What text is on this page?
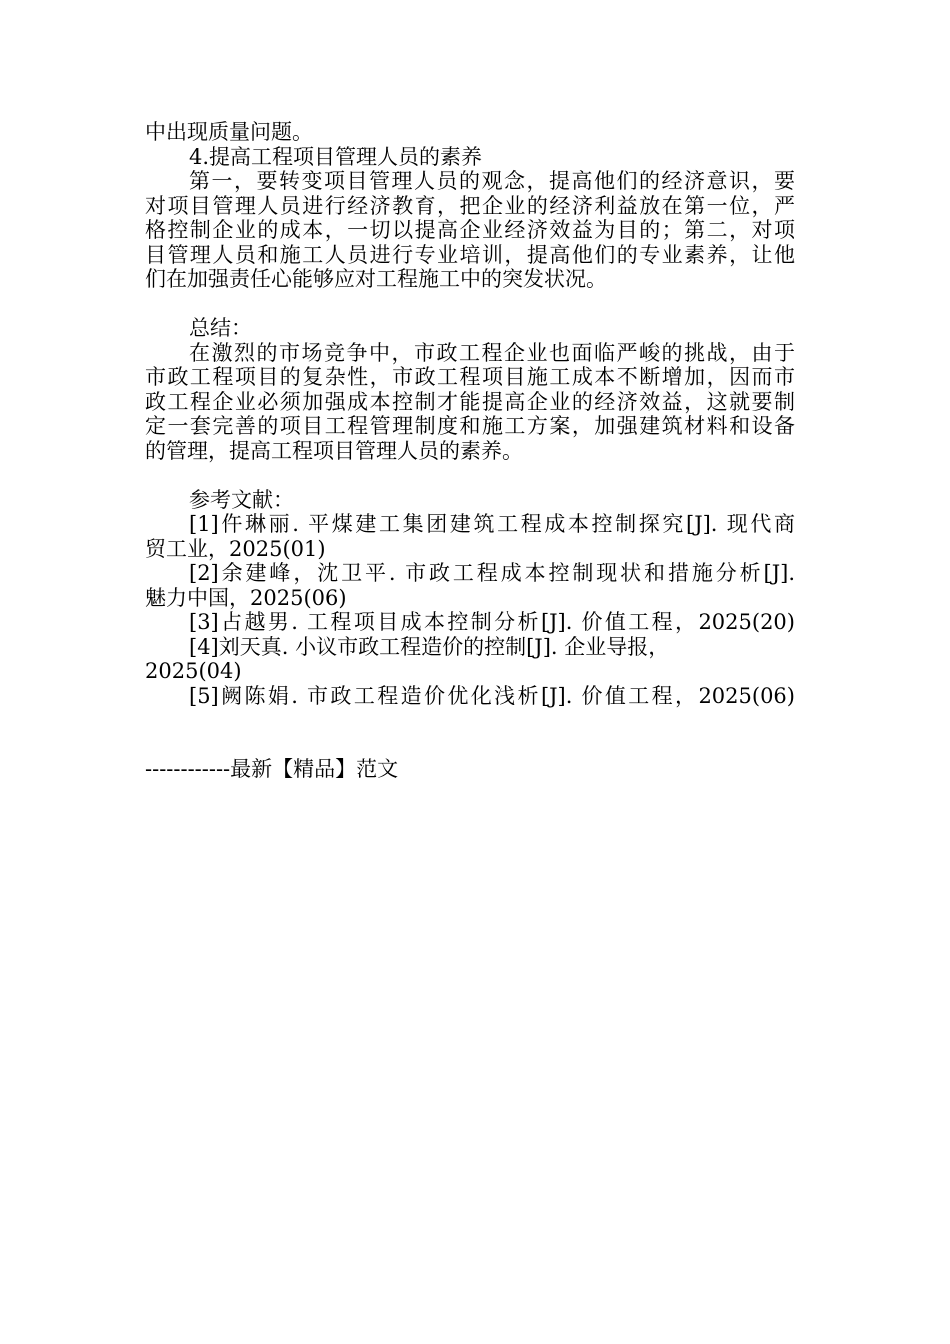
中出现质量问题。
4.提高工程项目管理人员的素养
第一，要转变项目管理人员的观念，提高他们的经济意识，要
对项目管理人员进行经济教育，把企业的经济利益放在第一位，严
格控制企业的成本，一切以提高企业经济效益为目的；第二，对项
目管理人员和施工人员进行专业培训，提高他们的专业素养，让他
们在加强责任心能够应对工程施工中的突发状况。
总结：
在激烈的市场竞争中，市政工程企业也面临严峻的挑战，由于
市政工程项目的复杂性，市政工程项目施工成本不断增加，因而市
政工程企业必须加强成本控制才能提高企业的经济效益，这就要制
定一套完善的项目工程管理制度和施工方案，加强建筑材料和设备
的管理，提高工程项目管理人员的素养。
参考文献：
[1]仵琳丽. 平煤建工集团建筑工程成本控制探究[J]. 现代商
贸工业，2025(01)
[2]余建峰，沈卫平. 市政工程成本控制现状和措施分析[J].
魅力中国，2025(06)
[3]占越男. 工程项目成本控制分析[J]. 价值工程，2025(20)
[4]刘天真. 小议市政工程造价的控制[J]. 企业导报，
2025(04)
[5]阙陈娟. 市政工程造价优化浅析[J]. 价值工程，2025(06)
------------最新【精品】范文
